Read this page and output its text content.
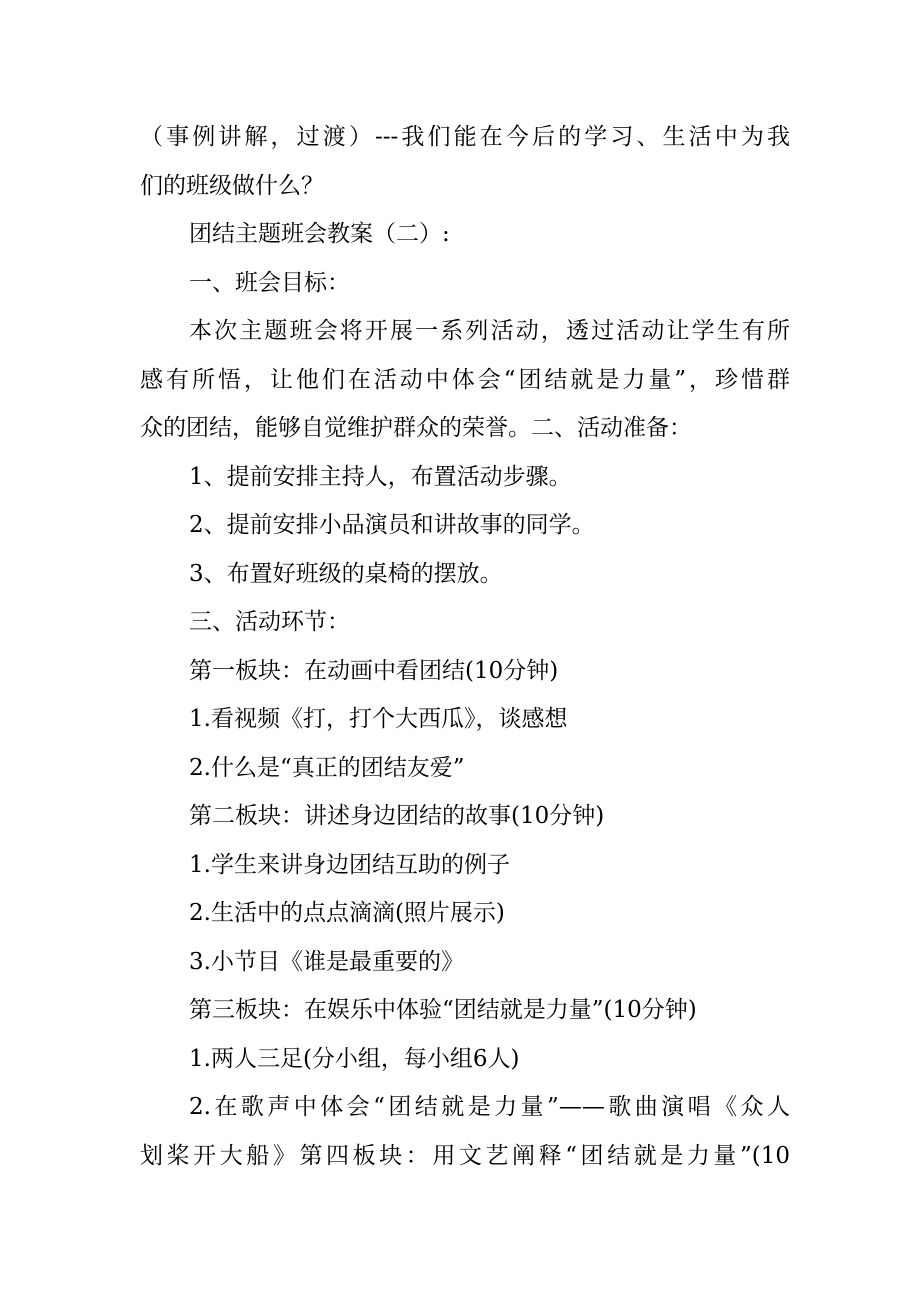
（事例讲解，过渡）---我们能在今后的学习、生活中为我
们的班级做什么？
团结主题班会教案（二）:
一、班会目标：
本次主题班会将开展一系列活动，透过活动让学生有所
感有所悟，让他们在活动中体会“团结就是力量”，珍惜群
众的团结，能够自觉维护群众的荣誉。二、活动准备：
1、提前安排主持人，布置活动步骤。
2、提前安排小品演员和讲故事的同学。
3、布置好班级的桌椅的摆放。
三、活动环节：
第一板块：在动画中看团结(10分钟)
1.看视频《打，打个大西瓜》，谈感想
2.什么是“真正的团结友爱”
第二板块：讲述身边团结的故事(10分钟)
1.学生来讲身边团结互助的例子
2.生活中的点点滴滴(照片展示)
3.小节目《谁是最重要的》
第三板块：在娱乐中体验“团结就是力量”(10分钟)
1.两人三足(分小组，每小组6人)
2.在歌声中体会“团结就是力量”——歌曲演唱《众人
划桨开大船》第四板块：用文艺阐释“团结就是力量”(10
